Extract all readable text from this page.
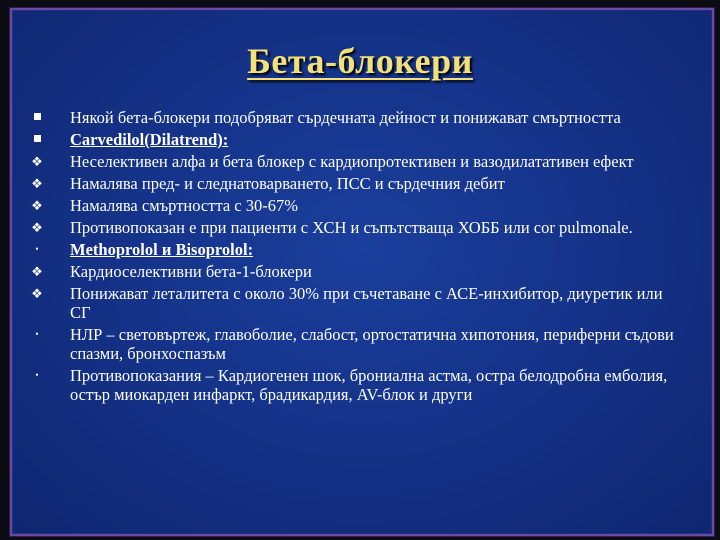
Бета-блокери
Някой бета-блокери подобряват сърдечната дейност и понижават смъртността
Carvedilol(Dilatrend):
❖ Неселективен алфа и бета блокер с кардиопротективен и вазодилатативен ефект
❖ Намалява пред- и следнатоварването, ПСС и сърдечния дебит
❖ Намалява смъртността с 30-67%
❖ Противопоказан е при пациенти с ХСН и съпътстваща ХОББ или cor pulmonale.
•	Methoprolol и Bisoprolol:
❖ Кардиоселективни бета-1-блокери
❖ Понижават леталитета с около 30% при съчетаване с АСЕ-инхибитор, диуретик или СГ
•	НЛР – световъртеж, главоболие, слабост, ортостатична хипотония, периферни съдови спазми, бронхоспазъм
•	Противопоказания – Кардиогенен шок, брониална астма, остра белодробна емболия, остър миокарден инфаркт, брадикардия, AV-блок и други
